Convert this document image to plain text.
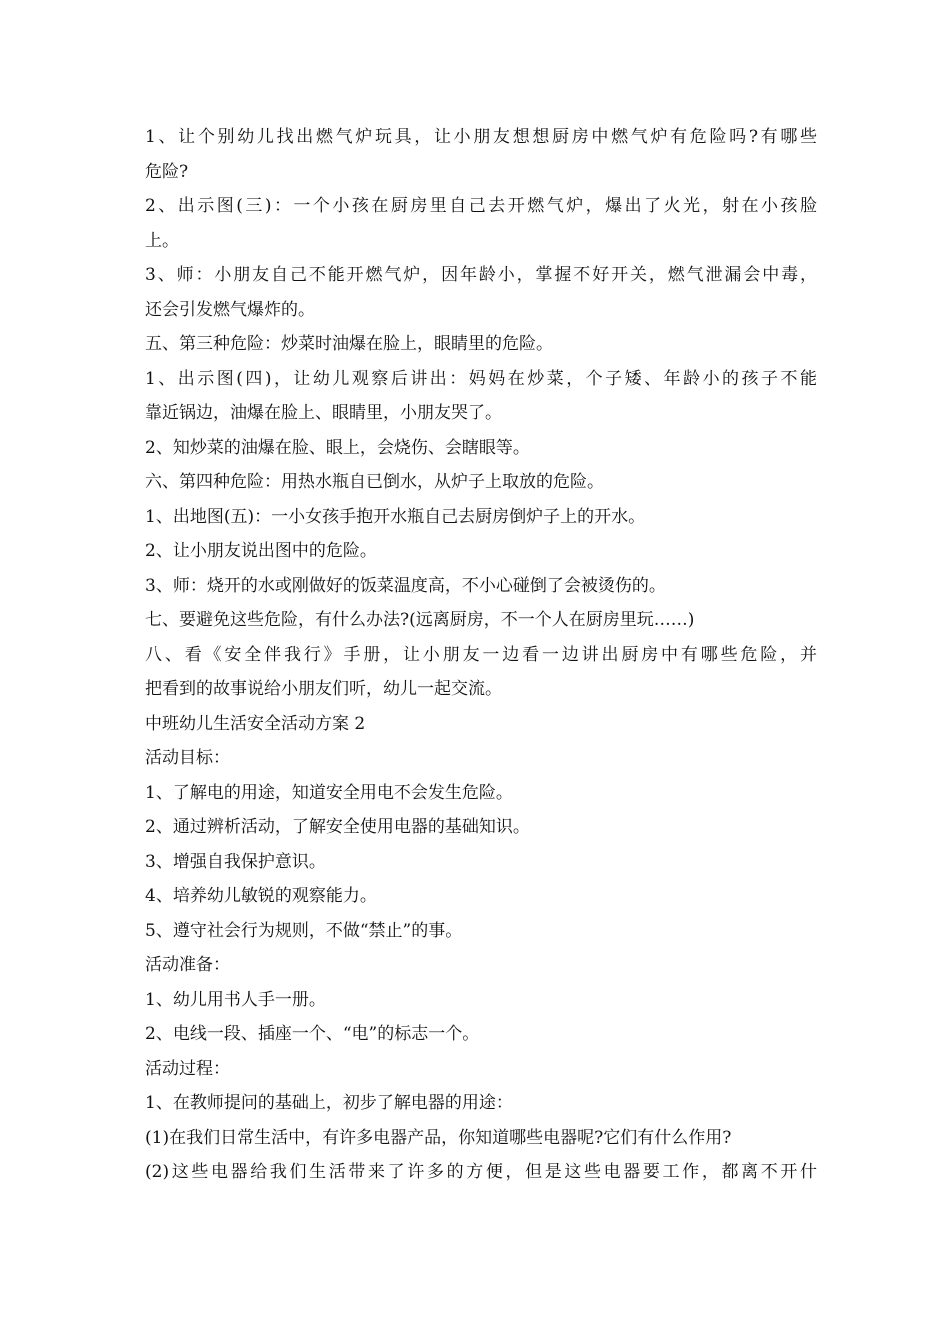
1、让个别幼儿找出燃气炉玩具，让小朋友想想厨房中燃气炉有危险吗?有哪些

危险?

2、出示图(三)：一个小孩在厨房里自己去开燃气炉，爆出了火光，射在小孩脸

上。

3、师：小朋友自己不能开燃气炉，因年龄小，掌握不好开关，燃气泄漏会中毒，

还会引发燃气爆炸的。

五、第三种危险：炒菜时油爆在脸上，眼睛里的危险。

1、出示图(四)，让幼儿观察后讲出：妈妈在炒菜，个子矮、年龄小的孩子不能

靠近锅边，油爆在脸上、眼睛里，小朋友哭了。

2、知炒菜的油爆在脸、眼上，会烧伤、会瞎眼等。

六、第四种危险：用热水瓶自已倒水，从炉子上取放的危险。

1、出地图(五)：一小女孩手抱开水瓶自己去厨房倒炉子上的开水。

2、让小朋友说出图中的危险。

3、师：烧开的水或刚做好的饭菜温度高，不小心碰倒了会被烫伤的。

七、要避免这些危险，有什么办法?(远离厨房，不一个人在厨房里玩……)

八、看《安全伴我行》手册，让小朋友一边看一边讲出厨房中有哪些危险，并

把看到的故事说给小朋友们听，幼儿一起交流。

中班幼儿生活安全活动方案 2

活动目标：

1、了解电的用途，知道安全用电不会发生危险。

2、通过辨析活动，了解安全使用电器的基础知识。

3、增强自我保护意识。

4、培养幼儿敏锐的观察能力。

5、遵守社会行为规则，不做“禁止”的事。

活动准备：

1、幼儿用书人手一册。

2、电线一段、插座一个、“电”的标志一个。

活动过程：

1、在教师提问的基础上，初步了解电器的用途：

(1)在我们日常生活中，有许多电器产品，你知道哪些电器呢?它们有什么作用?

(2)这些电器给我们生活带来了许多的方便，但是这些电器要工作，都离不开什
